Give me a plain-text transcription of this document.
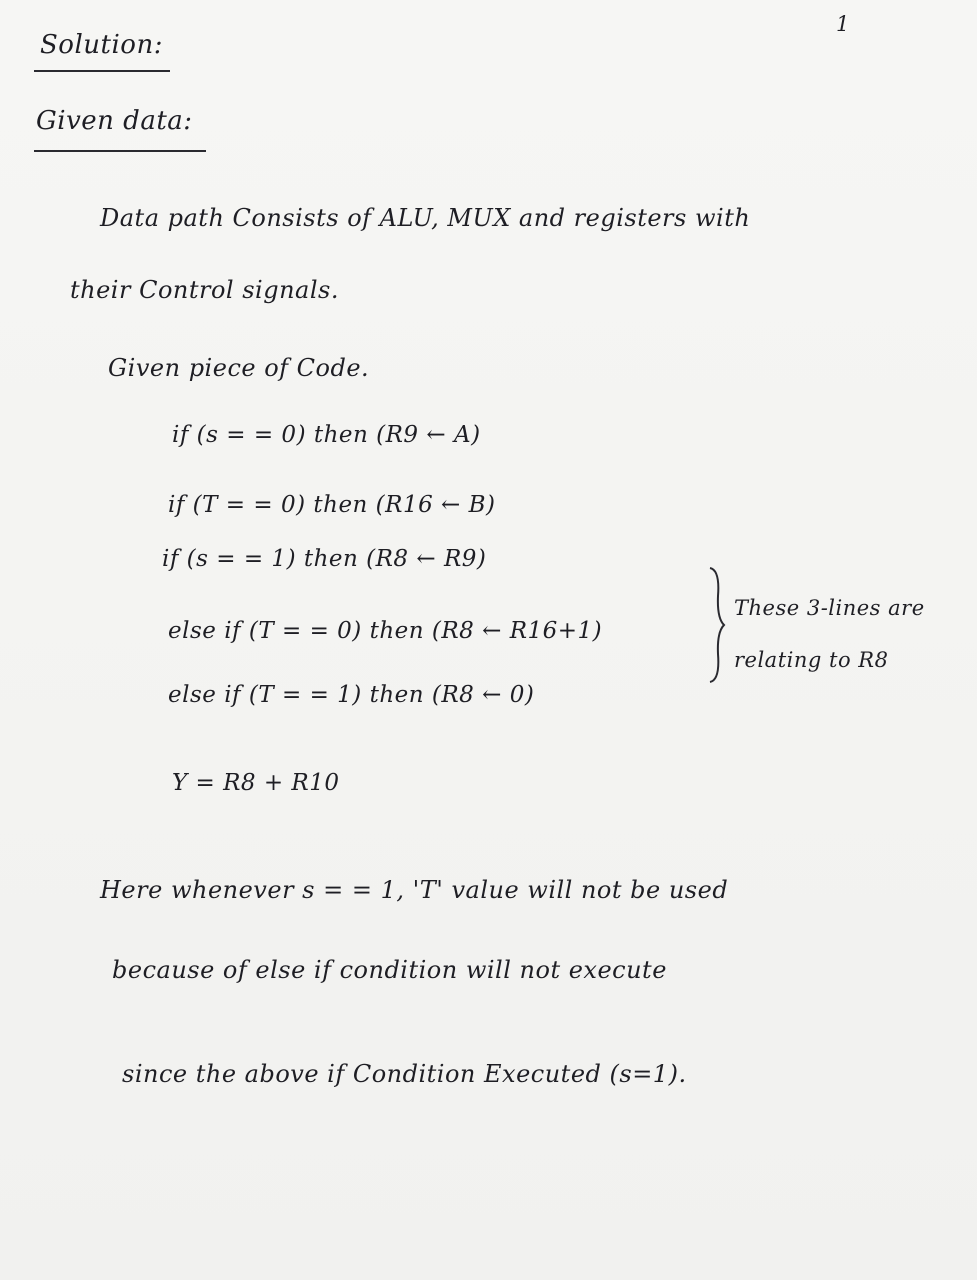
1
Solution:
Given data:
Data path Consists of ALU, MUX and registers with
their Control signals.
Given piece of Code.
if (s = = 0) then (R9 ← A)
if (T = = 0) then (R16 ← B)
if (s = = 1) then (R8 ← R9)
else if (T = = 0) then (R8 ← R16+1)
else if (T = = 1) then (R8 ← 0)
These 3-lines are
relating to R8
Y = R8 + R10
Here whenever s = = 1, 'T' value will not be used
because of else if condition will not execute
since the above if Condition Executed (s=1).
